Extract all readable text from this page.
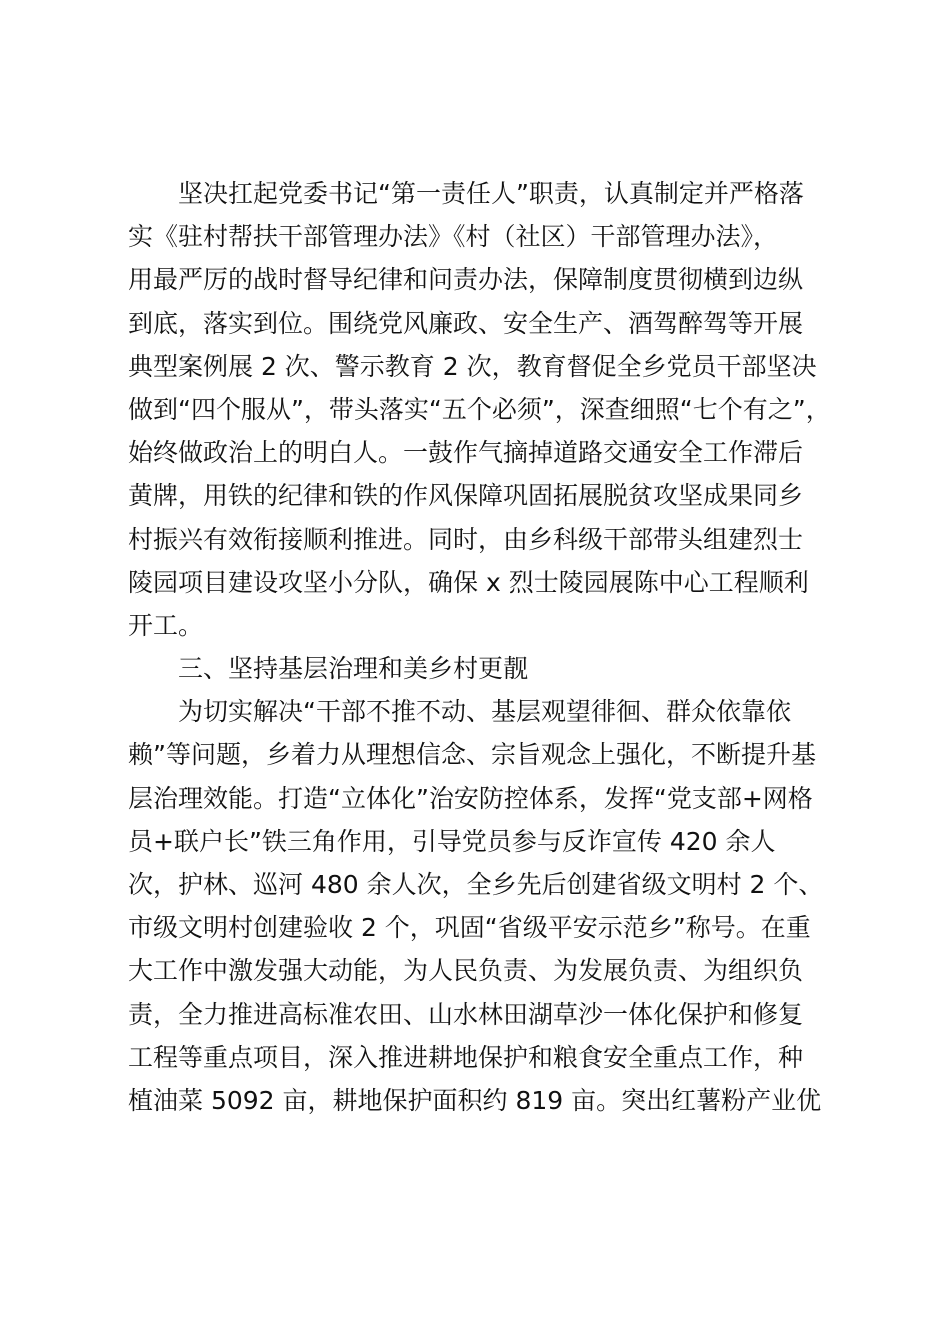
坚决扛起党委书记“第一责任人”职责，认真制定并严格落
实《驻村帮扶干部管理办法》《村（社区）干部管理办法》，
用最严厉的战时督导纪律和问责办法，保障制度贯彻横到边纵
到底，落实到位。围绕党风廉政、安全生产、酒驾醉驾等开展
典型案例展 2 次、警示教育 2 次，教育督促全乡党员干部坚决
做到“四个服从”，带头落实“五个必须”，深查细照“七个有之”，
始终做政治上的明白人。一鼓作气摘掉道路交通安全工作滞后
黄牌，用铁的纪律和铁的作风保障巩固拓展脱贫攻坚成果同乡
村振兴有效衔接顺利推进。同时，由乡科级干部带头组建烈士
陵园项目建设攻坚小分队，确保 x 烈士陵园展陈中心工程顺利
开工。
三、坚持基层治理和美乡村更靓
为切实解决“干部不推不动、基层观望徘徊、群众依靠依
赖”等问题，乡着力从理想信念、宗旨观念上强化，不断提升基
层治理效能。打造“立体化”治安防控体系，发挥“党支部+网格
员+联户长”铁三角作用，引导党员参与反诈宣传 420 余人
次，护林、巡河 480 余人次，全乡先后创建省级文明村 2 个、
市级文明村创建验收 2 个，巩固“省级平安示范乡”称号。在重
大工作中激发强大动能，为人民负责、为发展负责、为组织负
责，全力推进高标准农田、山水林田湖草沙一体化保护和修复
工程等重点项目，深入推进耕地保护和粮食安全重点工作，种
植油菜 5092 亩，耕地保护面积约 819 亩。突出红薯粉产业优
